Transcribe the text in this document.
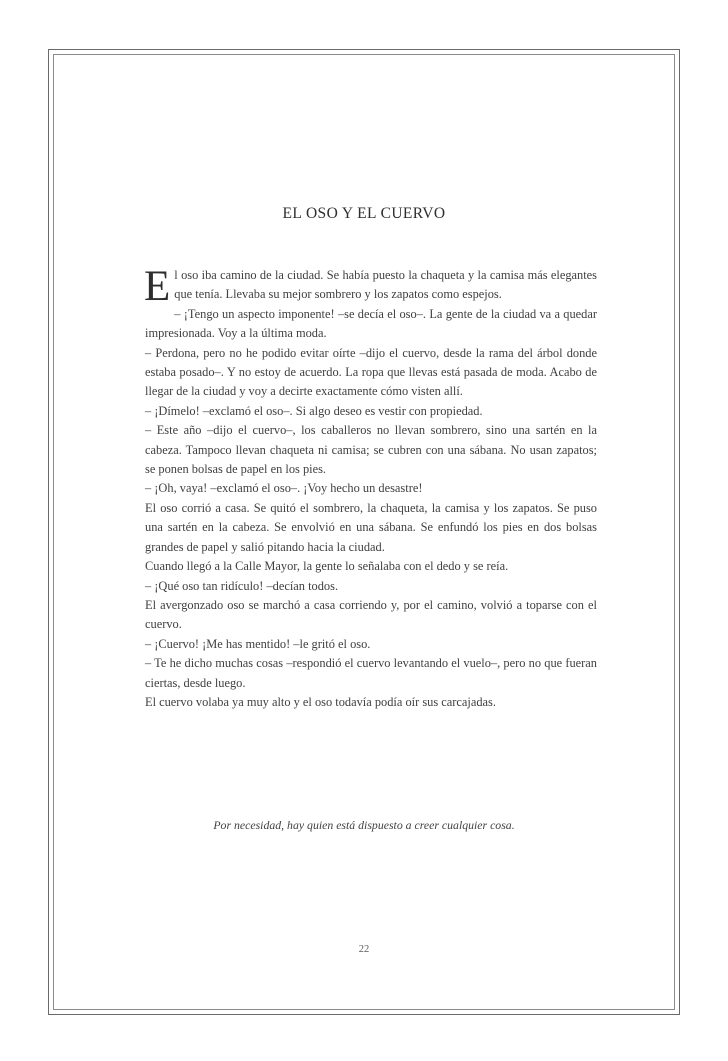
EL OSO Y EL CUERVO

El oso iba camino de la ciudad. Se había puesto la chaqueta y la camisa más elegantes que tenía. Llevaba su mejor sombrero y los zapatos como espejos.

– ¡Tengo un aspecto imponente! –se decía el oso–. La gente de la ciudad va a quedar impresionada. Voy a la última moda.

– Perdona, pero no he podido evitar oírte –dijo el cuervo, desde la rama del árbol donde estaba posado–. Y no estoy de acuerdo. La ropa que llevas está pasada de moda. Acabo de llegar de la ciudad y voy a decirte exactamente cómo visten allí.

– ¡Dímelo! –exclamó el oso–. Si algo deseo es vestir con propiedad.

– Este año –dijo el cuervo–, los caballeros no llevan sombrero, sino una sartén en la cabeza. Tampoco llevan chaqueta ni camisa; se cubren con una sábana. No usan zapatos; se ponen bolsas de papel en los pies.

– ¡Oh, vaya! –exclamó el oso–. ¡Voy hecho un desastre!

El oso corrió a casa. Se quitó el sombrero, la chaqueta, la camisa y los zapatos. Se puso una sartén en la cabeza. Se envolvió en una sábana. Se enfundó los pies en dos bolsas grandes de papel y salió pitando hacia la ciudad.

Cuando llegó a la Calle Mayor, la gente lo señalaba con el dedo y se reía.

– ¡Qué oso tan ridículo! –decían todos.

El avergonzado oso se marchó a casa corriendo y, por el camino, volvió a toparse con el cuervo.

– ¡Cuervo! ¡Me has mentido! –le gritó el oso.

– Te he dicho muchas cosas –respondió el cuervo levantando el vuelo–, pero no que fueran ciertas, desde luego.

El cuervo volaba ya muy alto y el oso todavía podía oír sus carcajadas.

Por necesidad, hay quien está dispuesto a creer cualquier cosa.
22
